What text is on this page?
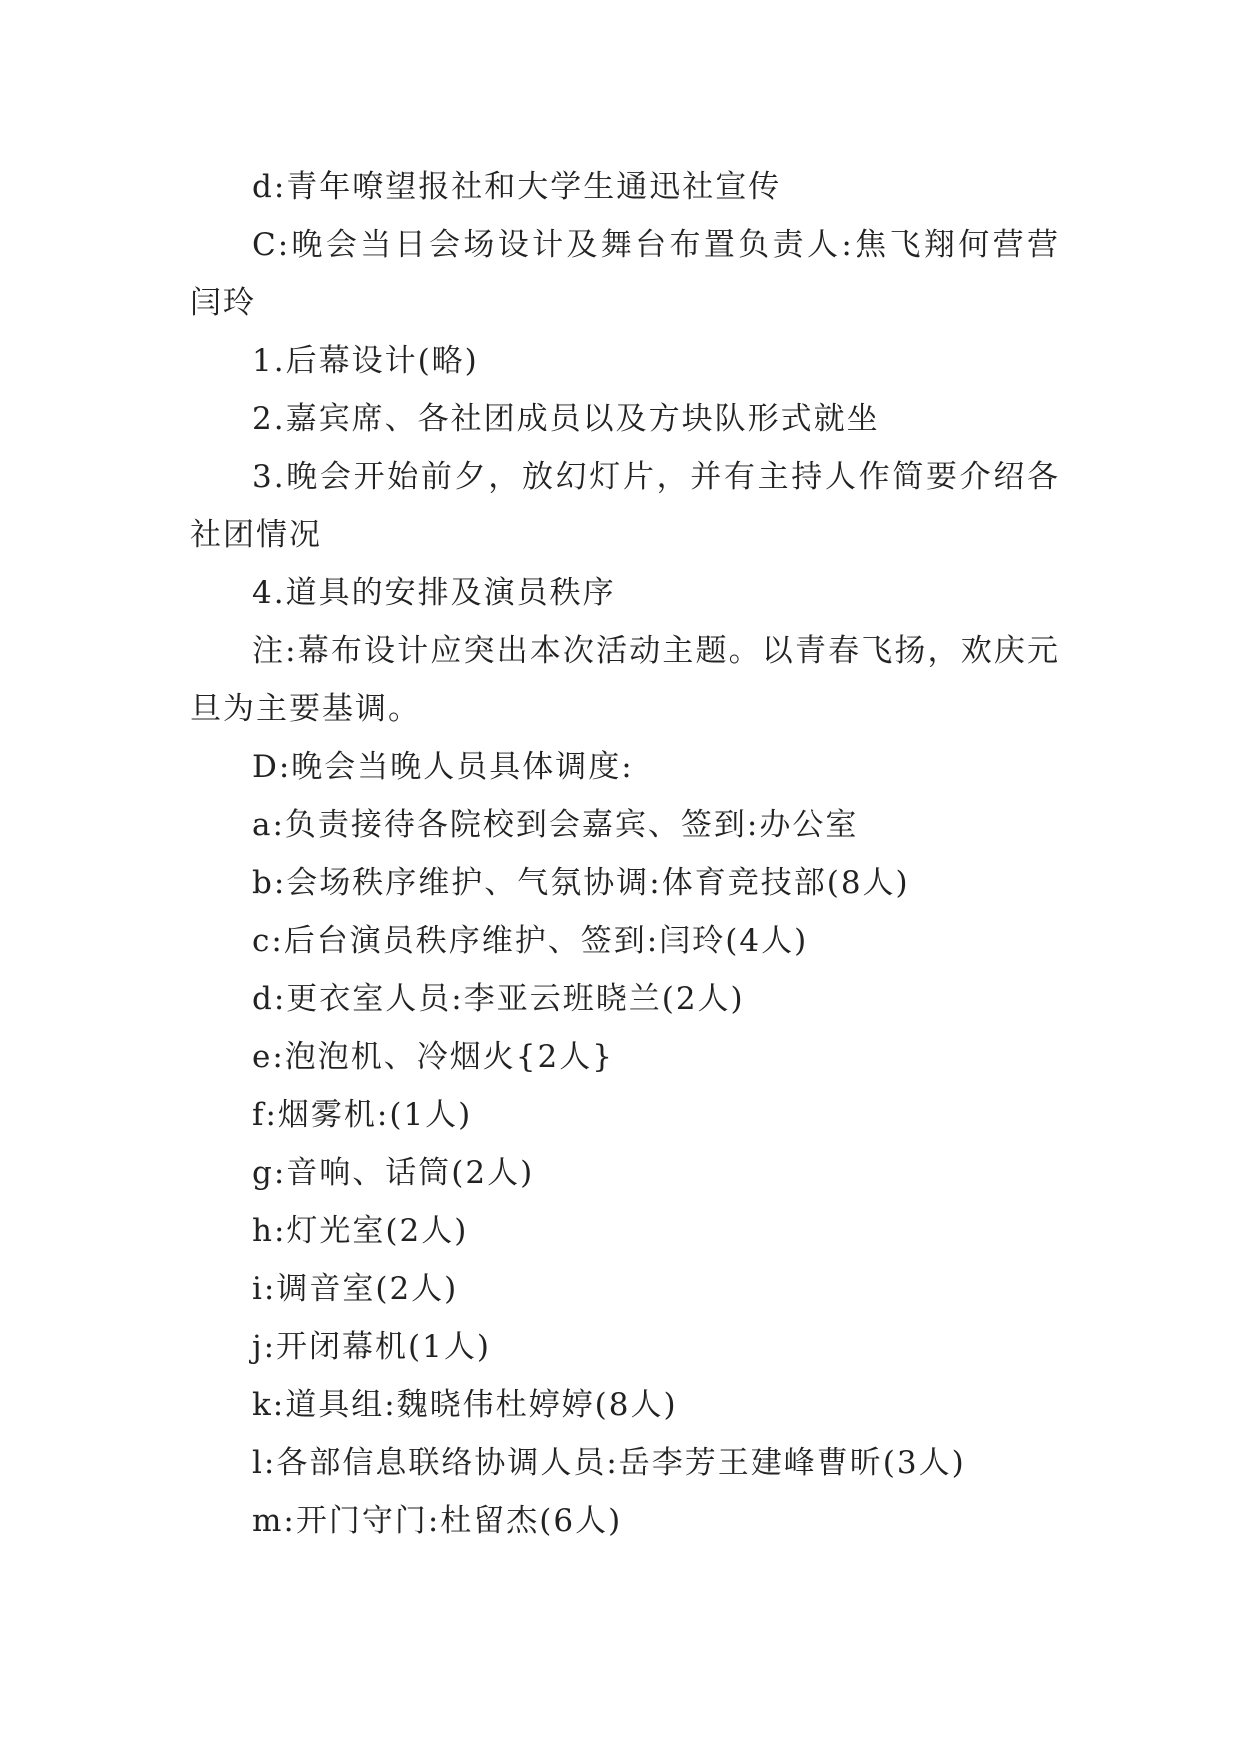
d:青年嘹望报社和大学生通迅社宣传

C:晚会当日会场设计及舞台布置负责人:焦飞翔何营营闫玲

1.后幕设计(略)

2.嘉宾席、各社团成员以及方块队形式就坐

3.晚会开始前夕，放幻灯片，并有主持人作简要介绍各社团情况

4.道具的安排及演员秩序

注:幕布设计应突出本次活动主题。以青春飞扬，欢庆元旦为主要基调。

D:晚会当晚人员具体调度:

a:负责接待各院校到会嘉宾、签到:办公室

b:会场秩序维护、气氛协调:体育竞技部(8人)

c:后台演员秩序维护、签到:闫玲(4人)

d:更衣室人员:李亚云班晓兰(2人)

e:泡泡机、冷烟火{2人}

f:烟雾机:(1人)

g:音响、话筒(2人)

h:灯光室(2人)

i:调音室(2人)

j:开闭幕机(1人)

k:道具组:魏晓伟杜婷婷(8人)

l:各部信息联络协调人员:岳李芳王建峰曹昕(3人)

m:开门守门:杜留杰(6人)
